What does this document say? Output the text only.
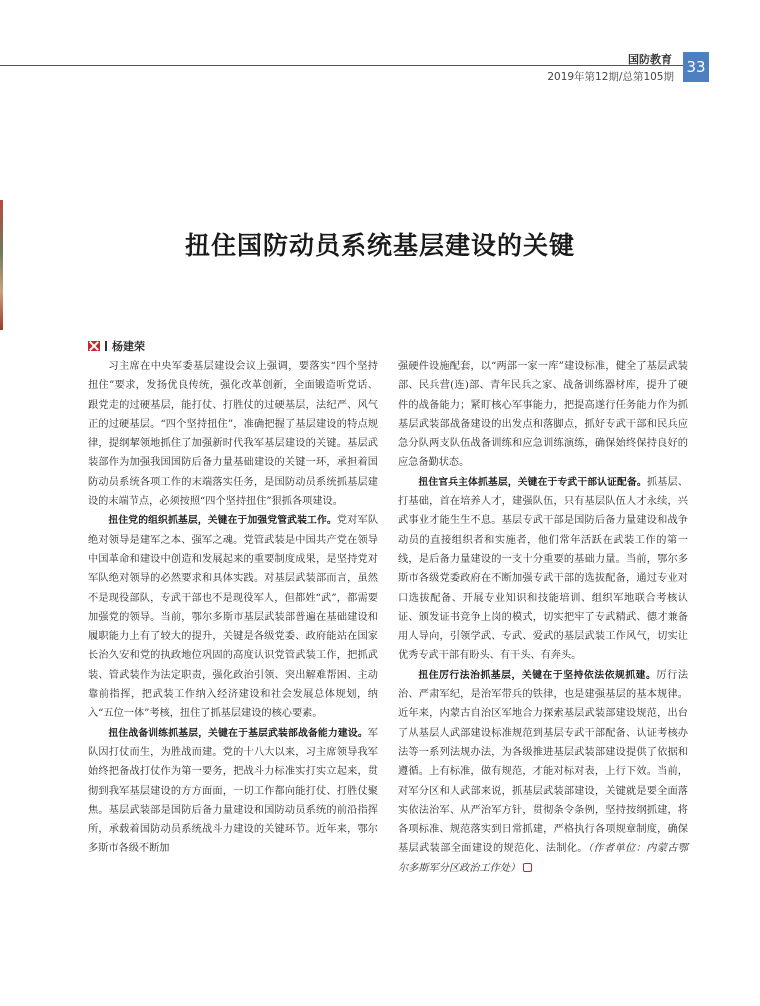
国防教育
2019年第12期/总第105期
33
扭住国防动员系统基层建设的关键
杨建荣

习主席在中央军委基层建设会议上强调，要落实“四个坚持扭住”要求，发扬优良传统，强化改革创新，全面锻造听党话、跟党走的过硬基层，能打仗、打胜仗的过硬基层，法纪严、风气正的过硬基层。“四个坚持扭住”，准确把握了基层建设的特点规律，提纲挈领地抓住了加强新时代我军基层建设的关键。基层武装部作为加强我国国防后备力量基础建设的关键一环，承担着国防动员系统各项工作的末端落实任务，是国防动员系统抓基层建设的末端节点，必须按照“四个坚持扭住”狠抓各项建设。

扭住党的组织抓基层，关键在于加强党管武装工作。党对军队绝对领导是建军之本、强军之魂。党管武装是中国共产党在领导中国革命和建设中创造和发展起来的重要制度成果，是坚持党对军队绝对领导的必然要求和具体实践。对基层武装部而言，虽然不是现役部队，专武干部也不是现役军人，但都姓“武”，都需要加强党的领导。当前，鄂尔多斯市基层武装部普遍在基础建设和履职能力上有了较大的提升，关键是各级党委、政府能站在国家长治久安和党的执政地位巩固的高度认识党管武装工作，把抓武装、管武装作为法定职责，强化政治引领、突出解难帮困、主动靠前指挥，把武装工作纳入经济建设和社会发展总体规划，纳入“五位一体”考核，扭住了抓基层建设的核心要素。

扭住战备训练抓基层，关键在于基层武装部战备能力建设。军队因打仗而生，为胜战而建。党的十八大以来，习主席领导我军始终把备战打仗作为第一要务，把战斗力标准实打实立起来，贯彻到我军基层建设的方方面面，一切工作都向能打仗、打胜仗聚焦。基层武装部是国防后备力量建设和国防动员系统的前沿指挥所，承载着国防动员系统战斗力建设的关键环节。近年来，鄂尔多斯市各级不断加

强硬件设施配套，以“两部一家一库”建设标准，健全了基层武装部、民兵营(连)部、青年民兵之家、战备训练器材库，提升了硬件的战备能力；紧盯核心军事能力，把提高遂行任务能力作为抓基层武装部战备建设的出发点和落脚点，抓好专武干部和民兵应急分队两支队伍战备训练和应急训练演练，确保始终保持良好的应急备勤状态。

扭住官兵主体抓基层，关键在于专武干部认证配备。抓基层、打基础，首在培养人才，建强队伍，只有基层队伍人才永续，兴武事业才能生生不息。基层专武干部是国防后备力量建设和战争动员的直接组织者和实施者，他们常年活跃在武装工作的第一线，是后备力量建设的一支十分重要的基础力量。当前，鄂尔多斯市各级党委政府在不断加强专武干部的选拔配备，通过专业对口选拔配备、开展专业知识和技能培训、组织军地联合考核认证、颁发证书竞争上岗的模式，切实把牢了专武精武、德才兼备用人导向，引领学武、专武、爱武的基层武装工作风气，切实让优秀专武干部有盼头、有干头、有奔头。

扭住厉行法治抓基层，关键在于坚持依法依规抓建。厉行法治、严肃军纪，是治军带兵的铁律，也是建强基层的基本规律。近年来，内蒙古自治区军地合力探索基层武装部建设规范，出台了从基层人武部建设标准规范到基层专武干部配备、认证考核办法等一系列法规办法，为各级推进基层武装部建设提供了依据和遵循。上有标准，做有规范，才能对标对表，上行下效。当前，对军分区和人武部来说，抓基层武装部建设，关键就是要全面落实依法治军、从严治军方针，贯彻条令条例，坚持按纲抓建，将各项标准、规范落实到日常抓建，严格执行各项规章制度，确保基层武装部全面建设的规范化、法制化。（作者单位：内蒙古鄂尔多斯军分区政治工作处）
